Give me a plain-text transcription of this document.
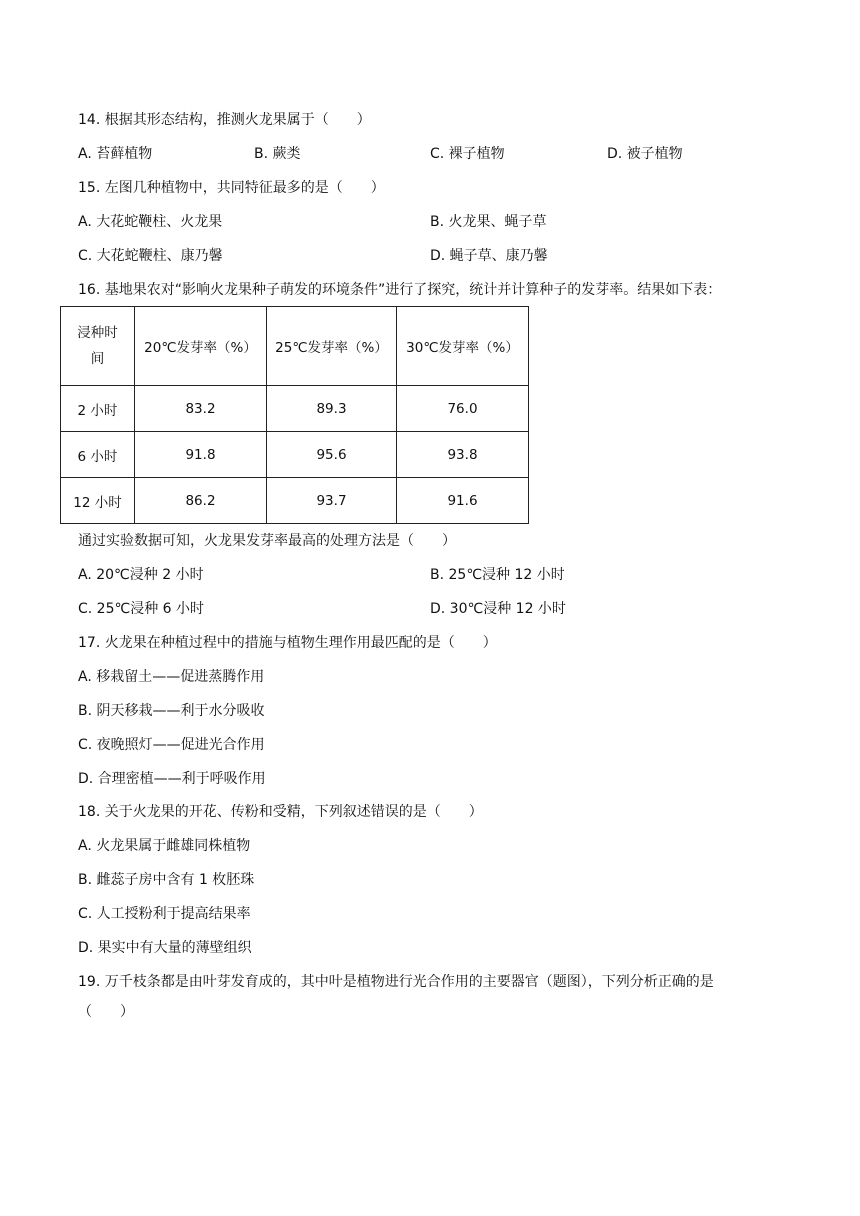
14. 根据其形态结构，推测火龙果属于（　　）
A. 苔藓植物	B. 蕨类	C. 裸子植物	D. 被子植物
15. 左图几种植物中，共同特征最多的是（　　）
A. 大花蛇鞭柱、火龙果	B. 火龙果、蝇子草
C. 大花蛇鞭柱、康乃馨	D. 蝇子草、康乃馨
16. 基地果农对“影响火龙果种子萌发的环境条件”进行了探究，统计并计算种子的发芽率。结果如下表：
浸种时
间	20℃发芽率（%）	25℃发芽率（%）	30℃发芽率（%）
2 小时	83.2	89.3	76.0
6 小时	91.8	95.6	93.8
12 小时	86.2	93.7	91.6
通过实验数据可知，火龙果发芽率最高的处理方法是（　　）
A. 20℃浸种 2 小时	B. 25℃浸种 12 小时
C. 25℃浸种 6 小时	D. 30℃浸种 12 小时
17. 火龙果在种植过程中的措施与植物生理作用最匹配的是（　　）
A. 移栽留土——促进蒸腾作用
B. 阴天移栽——利于水分吸收
C. 夜晚照灯——促进光合作用
D. 合理密植——利于呼吸作用
18. 关于火龙果的开花、传粉和受精，下列叙述错误的是（　　）
A. 火龙果属于雌雄同株植物
B. 雌蕊子房中含有 1 枚胚珠
C. 人工授粉利于提高结果率
D. 果实中有大量的薄壁组织
19. 万千枝条都是由叶芽发育成的，其中叶是植物进行光合作用的主要器官（题图），下列分析正确的是
（　　）
